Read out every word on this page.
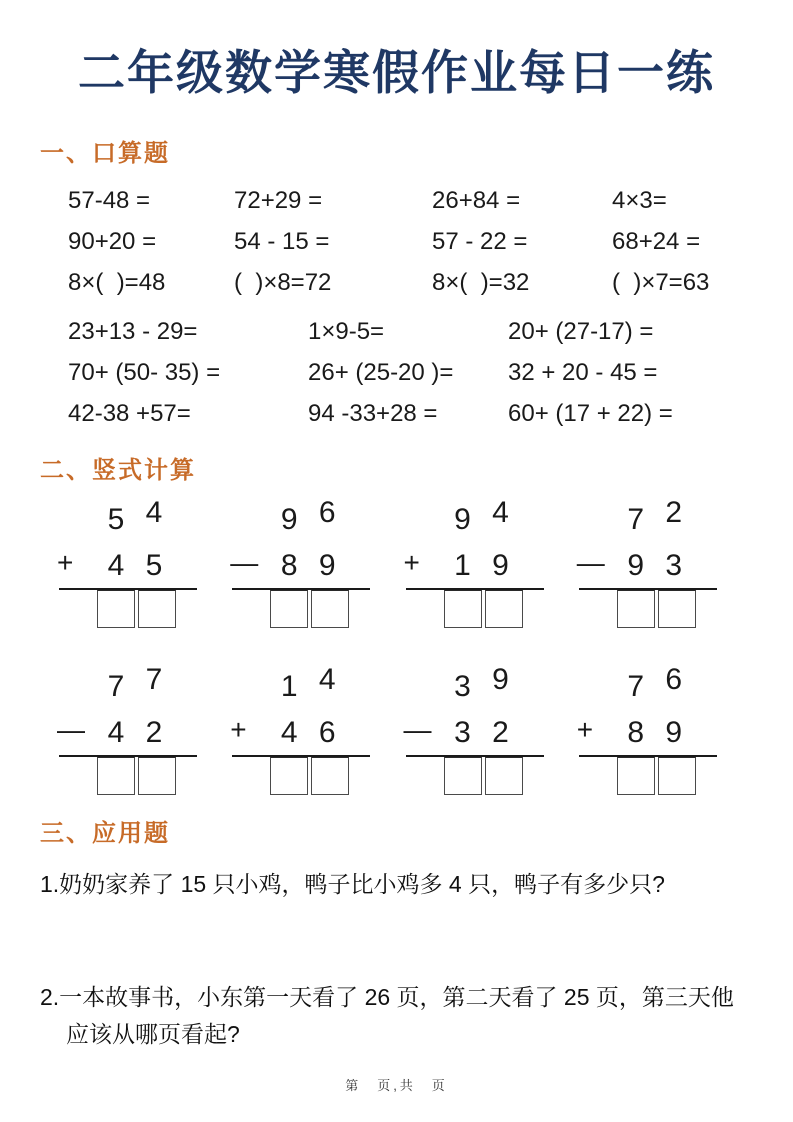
二年级数学寒假作业每日一练
一、口算题
57-48 =	72+29 =	26+84 =	4×3=
90+20 =	54 - 15 =	57 - 22 =	68+24 =
8×(  )=48	(  )×8=72	8×(  )=32	(  )×7=63
23+13 - 29=	1×9-5=	20+ (27-17) =
70+ (50- 35) =	26+ (25-20 )=	32 + 20 - 45 =
42-38 +57=	94 -33+28 =	60+ (17 + 22) =
二、竖式计算
5 4
+	4 5
9 6
— 8 9
9 4
+	1 9
7 2
— 9 3
7 7
— 4 2
1 4
+	4 6
3 9
— 3 2
7 6
+	8 9
三、应用题

1.奶奶家养了 15 只小鸡，鸭子比小鸡多 4 只，鸭子有多少只?

2.一本故事书，小东第一天看了 26 页，第二天看了 25 页，第三天他
应该从哪页看起?

第　页,共　页
